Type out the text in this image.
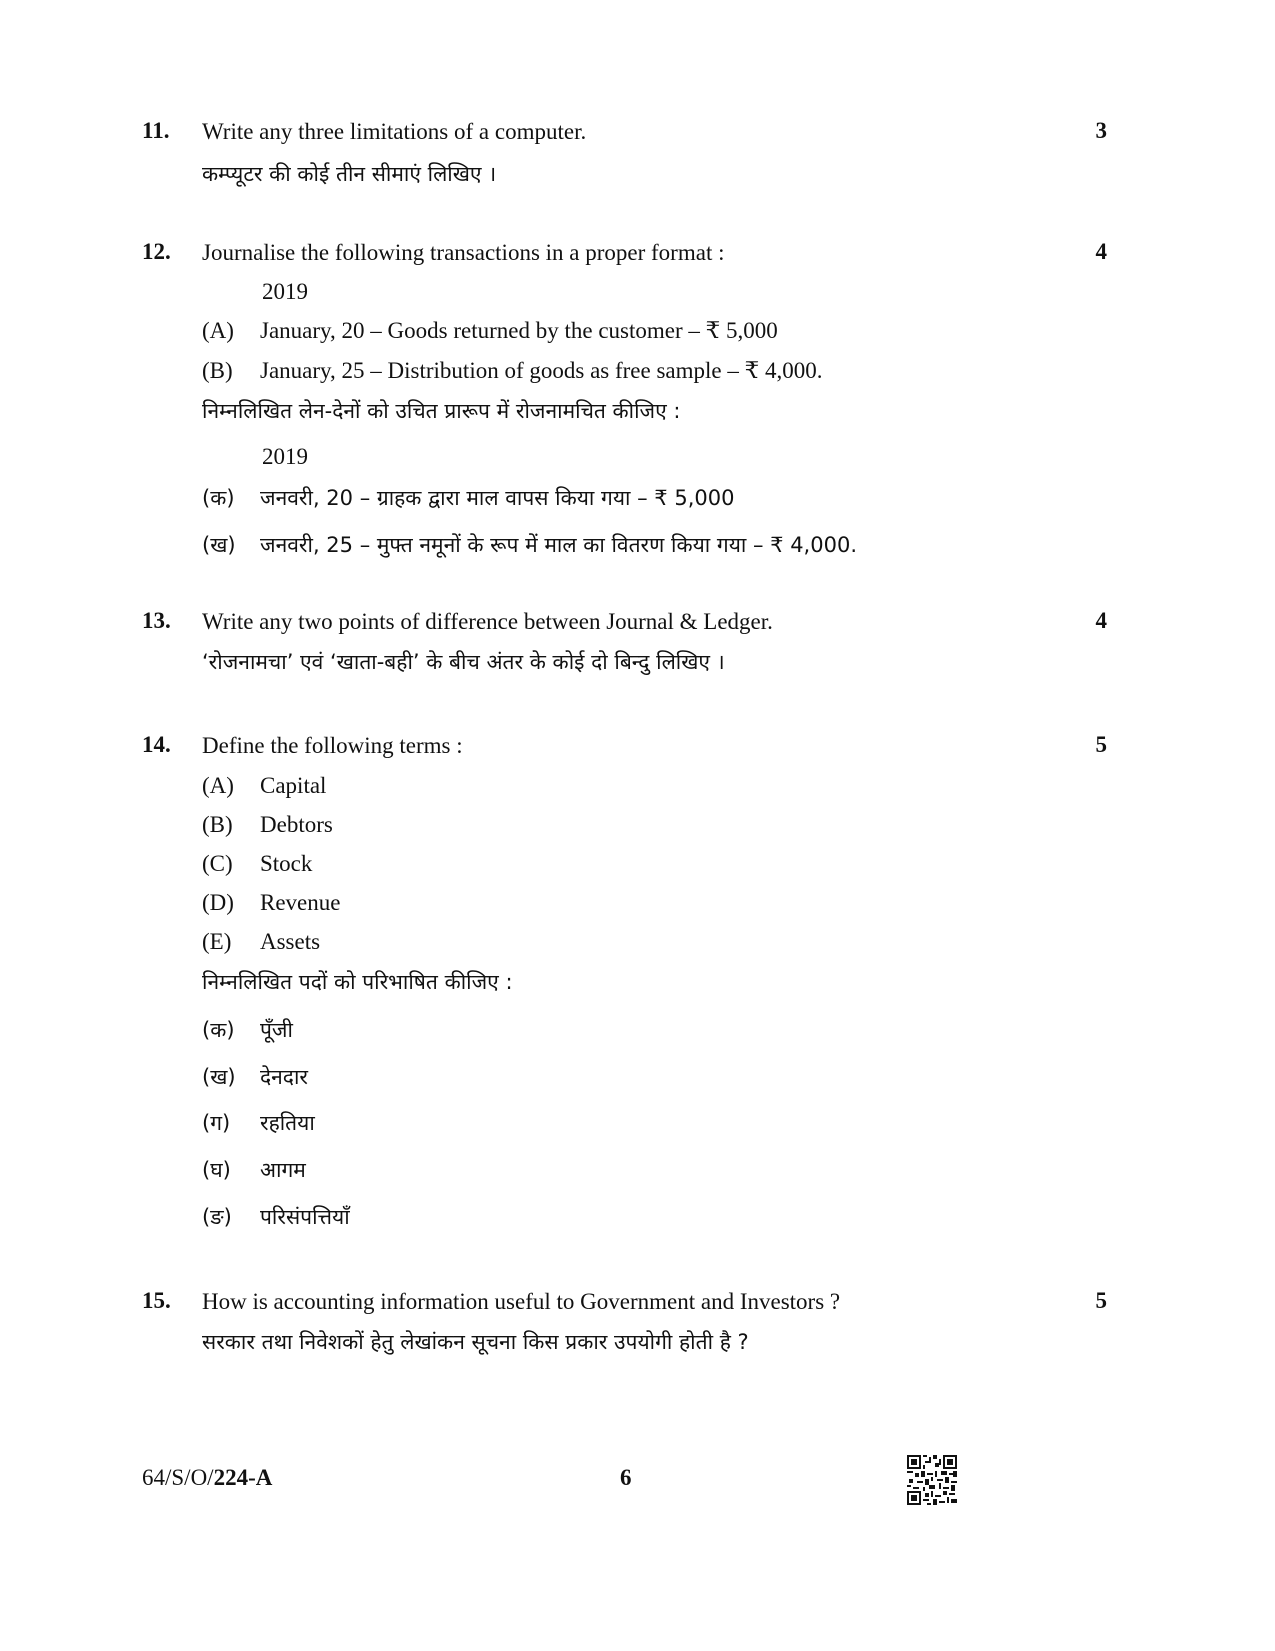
11.	3
Write any three limitations of a computer.
कम्प्यूटर की कोई तीन सीमाएं लिखिए ।
12.	4
Journalise the following transactions in a proper format :
2019
(A) January, 20 – Goods returned by the customer – ₹ 5,000
(B) January, 25 – Distribution of goods as free sample – ₹ 4,000.
निम्नलिखित लेन-देनों को उचित प्रारूप में रोजनामचित कीजिए :
2019
(क) जनवरी, 20 – ग्राहक द्वारा माल वापस किया गया – ₹ 5,000
(ख) जनवरी, 25 – मुफ्त नमूनों के रूप में माल का वितरण किया गया – ₹ 4,000.
13.	4
Write any two points of difference between Journal & Ledger.
‘रोजनामचा’ एवं ‘खाता-बही’ के बीच अंतर के कोई दो बिन्दु लिखिए ।
14.	5
Define the following terms :
(A) Capital
(B) Debtors
(C) Stock
(D) Revenue
(E) Assets
निम्नलिखित पदों को परिभाषित कीजिए :
(क) पूँजी
(ख) देनदार
(ग) रहतिया
(घ) आगम
(ङ) परिसंपत्तियाँ
15.	5
How is accounting information useful to Government and Investors ?
सरकार तथा निवेशकों हेतु लेखांकन सूचना किस प्रकार उपयोगी होती है ?
64/S/O/224-A	6
